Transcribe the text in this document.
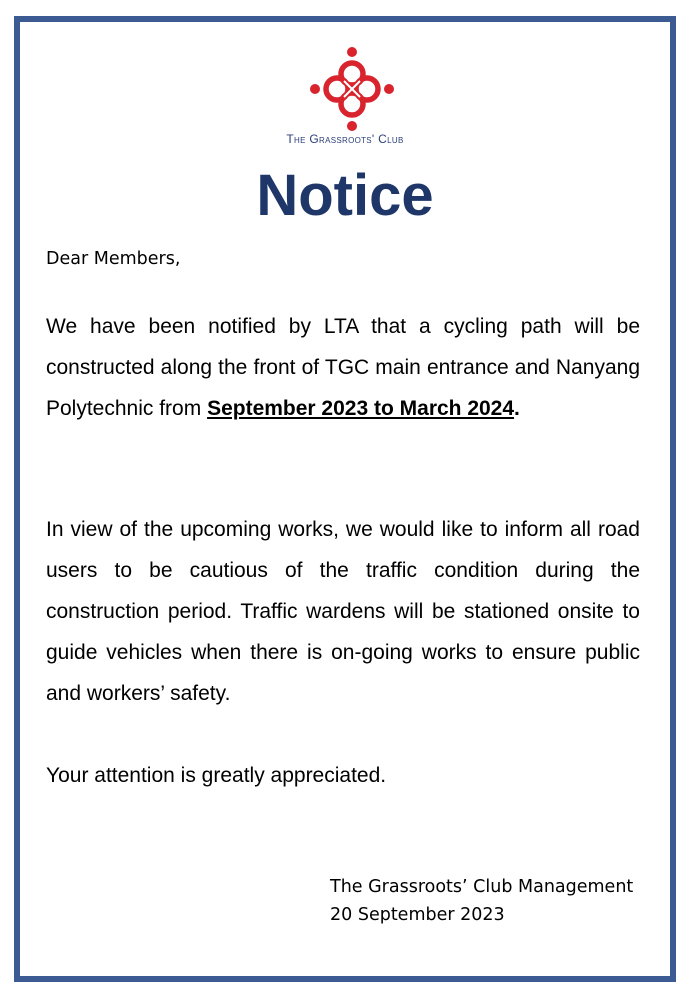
The Grassroots' Club
Notice
Dear Members,

We have been notified by LTA that a cycling path will be constructed along the front of TGC main entrance and Nanyang Polytechnic from September 2023 to March 2024.

In view of the upcoming works, we would like to inform all road users to be cautious of the traffic condition during the construction period. Traffic wardens will be stationed onsite to guide vehicles when there is on-going works to ensure public and workers’ safety.

Your attention is greatly appreciated.

The Grassroots’ Club Management
20 September 2023
